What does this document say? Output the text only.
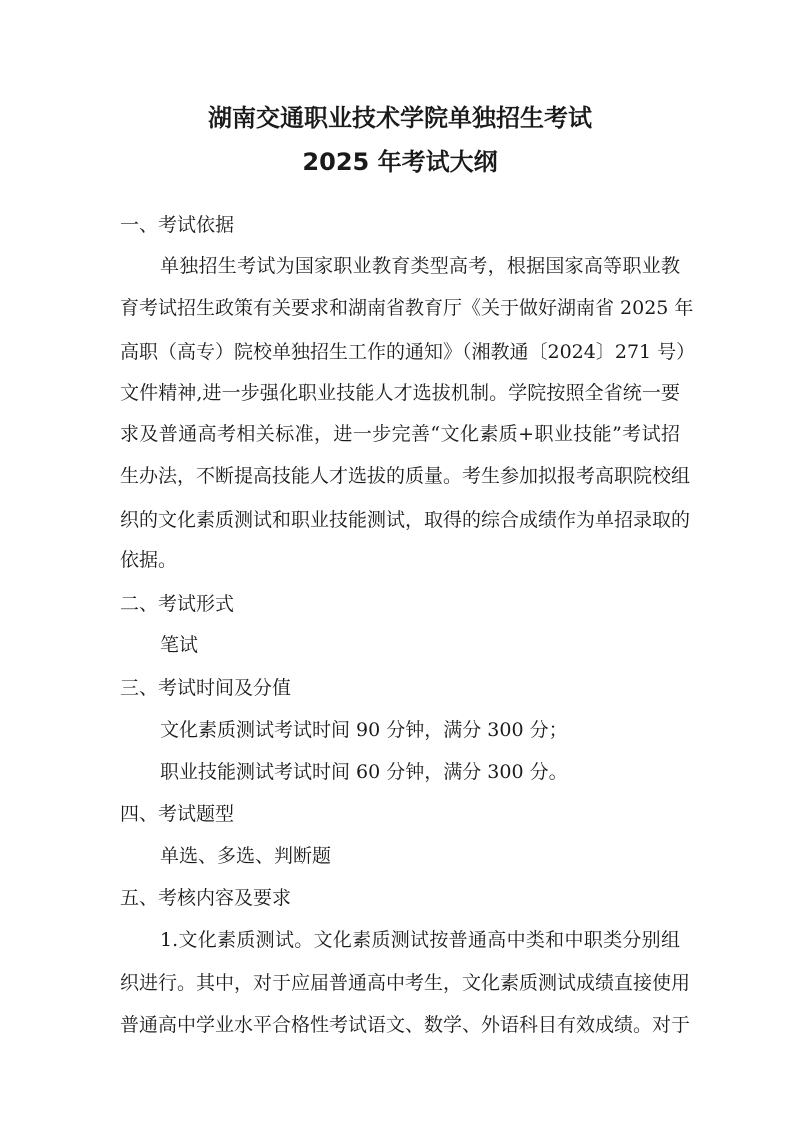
湖南交通职业技术学院单独招生考试
2025 年考试大纲

一、考试依据

单独招生考试为国家职业教育类型高考，根据国家高等职业教

育考试招生政策有关要求和湖南省教育厅《关于做好湖南省 2025 年

高职（高专）院校单独招生工作的通知》（湘教通〔2024〕271 号）

文件精神,进一步强化职业技能人才选拔机制。学院按照全省统一要

求及普通高考相关标准，进一步完善“文化素质+职业技能”考试招

生办法，不断提高技能人才选拔的质量。考生参加拟报考高职院校组

织的文化素质测试和职业技能测试，取得的综合成绩作为单招录取的

依据。

二、考试形式

笔试

三、考试时间及分值

文化素质测试考试时间 90 分钟，满分 300 分；

职业技能测试考试时间 60 分钟，满分 300 分。

四、考试题型

单选、多选、判断题

五、考核内容及要求

1.文化素质测试。文化素质测试按普通高中类和中职类分别组

织进行。其中，对于应届普通高中考生，文化素质测试成绩直接使用

普通高中学业水平合格性考试语文、数学、外语科目有效成绩。对于
